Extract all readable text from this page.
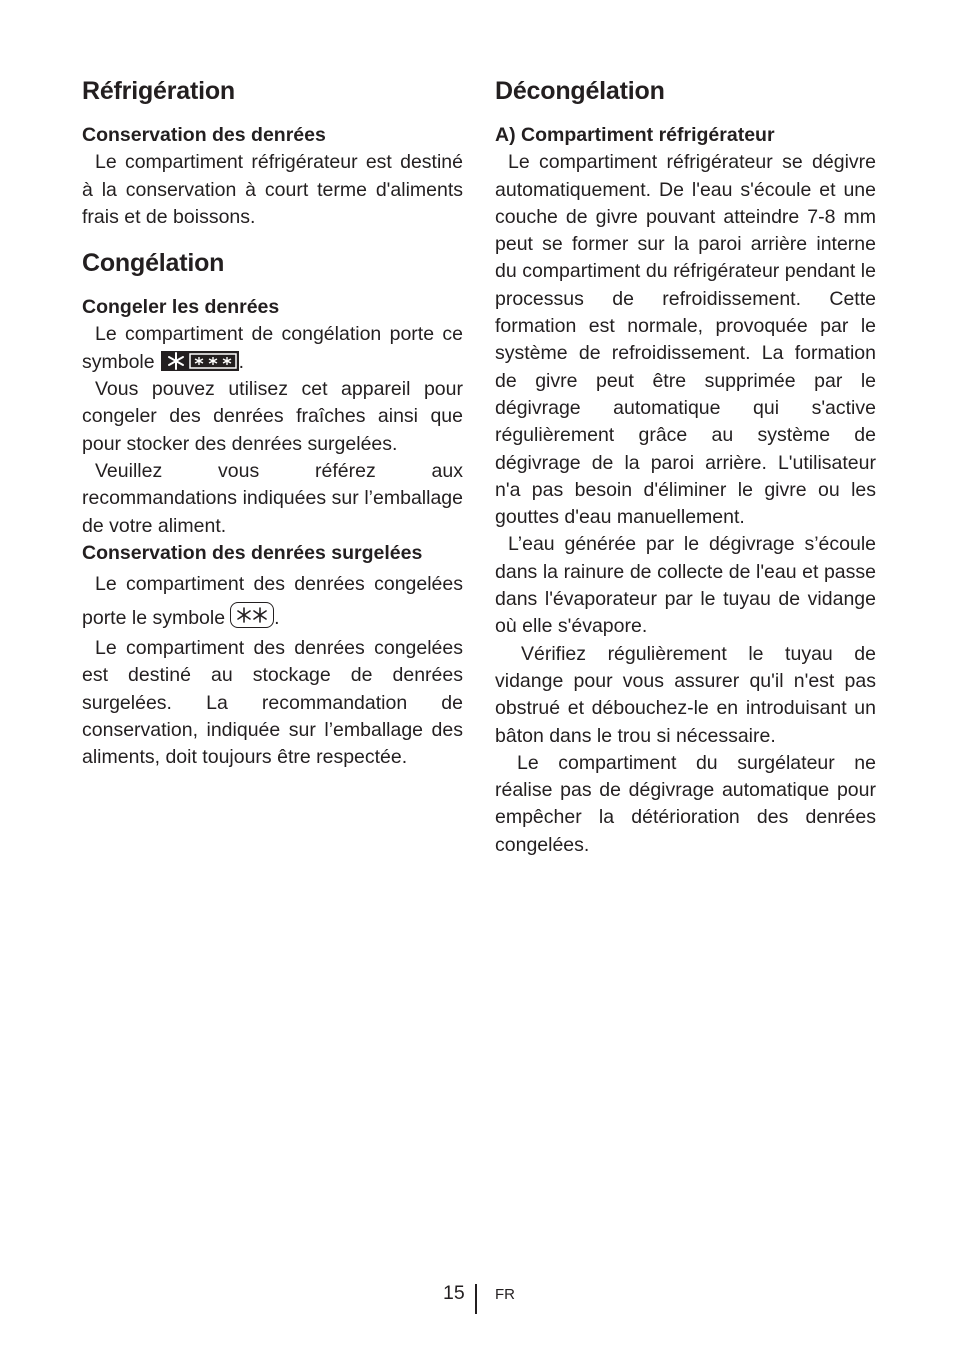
Réfrigération
Conservation des denrées

Le compartiment réfrigérateur est destiné à la conservation à court terme d'aliments frais et de boissons.

Congélation
Congeler les denrées

Le compartiment de congélation porte ce symbole	.

Vous pouvez utilisez cet appareil pour congeler des denrées fraîches ainsi que pour stocker des denrées surgelées.

Veuillez vous référez aux recommandations indiquées sur l’emballage de votre aliment.

Conservation des denrées surgelées

Le compartiment des denrées congelées porte le symbole	.

Le compartiment des denrées congelées est destiné au stockage de denrées surgelées. La recommandation de conservation, indiquée sur l’emballage des aliments, doit toujours être respectée.

Décongélation
A) Compartiment réfrigérateur

Le compartiment réfrigérateur se dégivre automatiquement. De l'eau s'écoule et une couche de givre pouvant atteindre 7-8 mm peut se former sur la paroi arrière interne du compartiment du réfrigérateur pendant le processus de refroidissement. Cette formation est normale, provoquée par le système de refroidissement. La formation de givre peut être supprimée par le dégivrage automatique qui s'active régulièrement grâce au système de dégivrage de la paroi arrière. L'utilisateur n'a pas besoin d'éliminer le givre ou les gouttes d'eau manuellement.

L’eau générée par le dégivrage s’écoule dans la rainure de collecte de l'eau et passe dans l'évaporateur par le tuyau de vidange où elle s'évapore.

Vérifiez régulièrement le tuyau de vidange pour vous assurer qu'il n'est pas obstrué et débouchez-le en introduisant un bâton dans le trou si nécessaire.

Le compartiment du surgélateur ne réalise pas de dégivrage automatique pour empêcher la détérioration des denrées congelées.

15 FR
